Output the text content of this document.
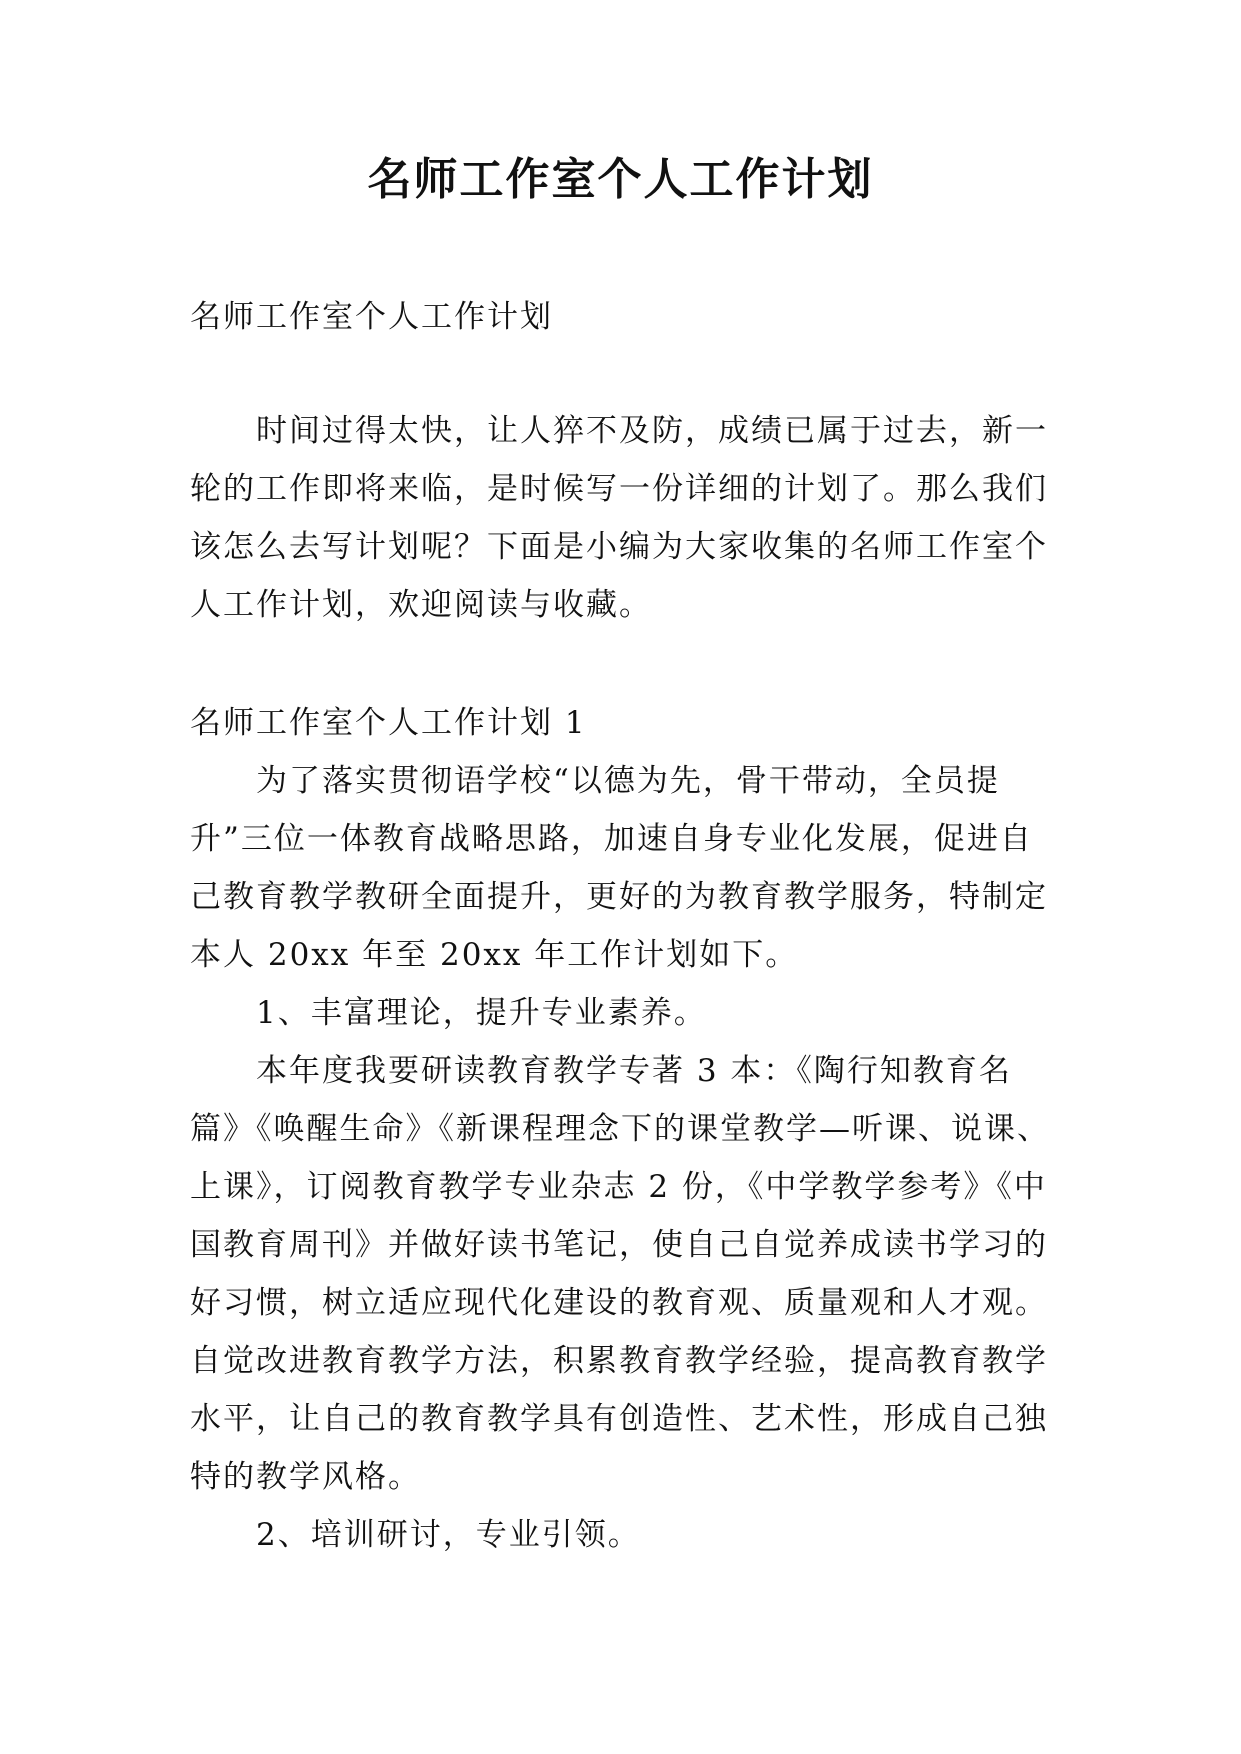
名师工作室个人工作计划

名师工作室个人工作计划

时间过得太快，让人猝不及防，成绩已属于过去，新一轮的工作即将来临，是时候写一份详细的计划了。那么我们该怎么去写计划呢？下面是小编为大家收集的名师工作室个人工作计划，欢迎阅读与收藏。

名师工作室个人工作计划 1

为了落实贯彻语学校“以德为先，骨干带动，全员提升”三位一体教育战略思路，加速自身专业化发展，促进自己教育教学教研全面提升，更好的为教育教学服务，特制定本人 20xx 年至 20xx 年工作计划如下。

1、丰富理论，提升专业素养。

本年度我要研读教育教学专著 3 本：《陶行知教育名篇》《唤醒生命》《新课程理念下的课堂教学—听课、说课、上课》，订阅教育教学专业杂志 2 份，《中学教学参考》《中国教育周刊》并做好读书笔记，使自己自觉养成读书学习的好习惯，树立适应现代化建设的教育观、质量观和人才观。自觉改进教育教学方法，积累教育教学经验，提高教育教学水平，让自己的教育教学具有创造性、艺术性，形成自己独特的教学风格。

2、培训研讨，专业引领。
